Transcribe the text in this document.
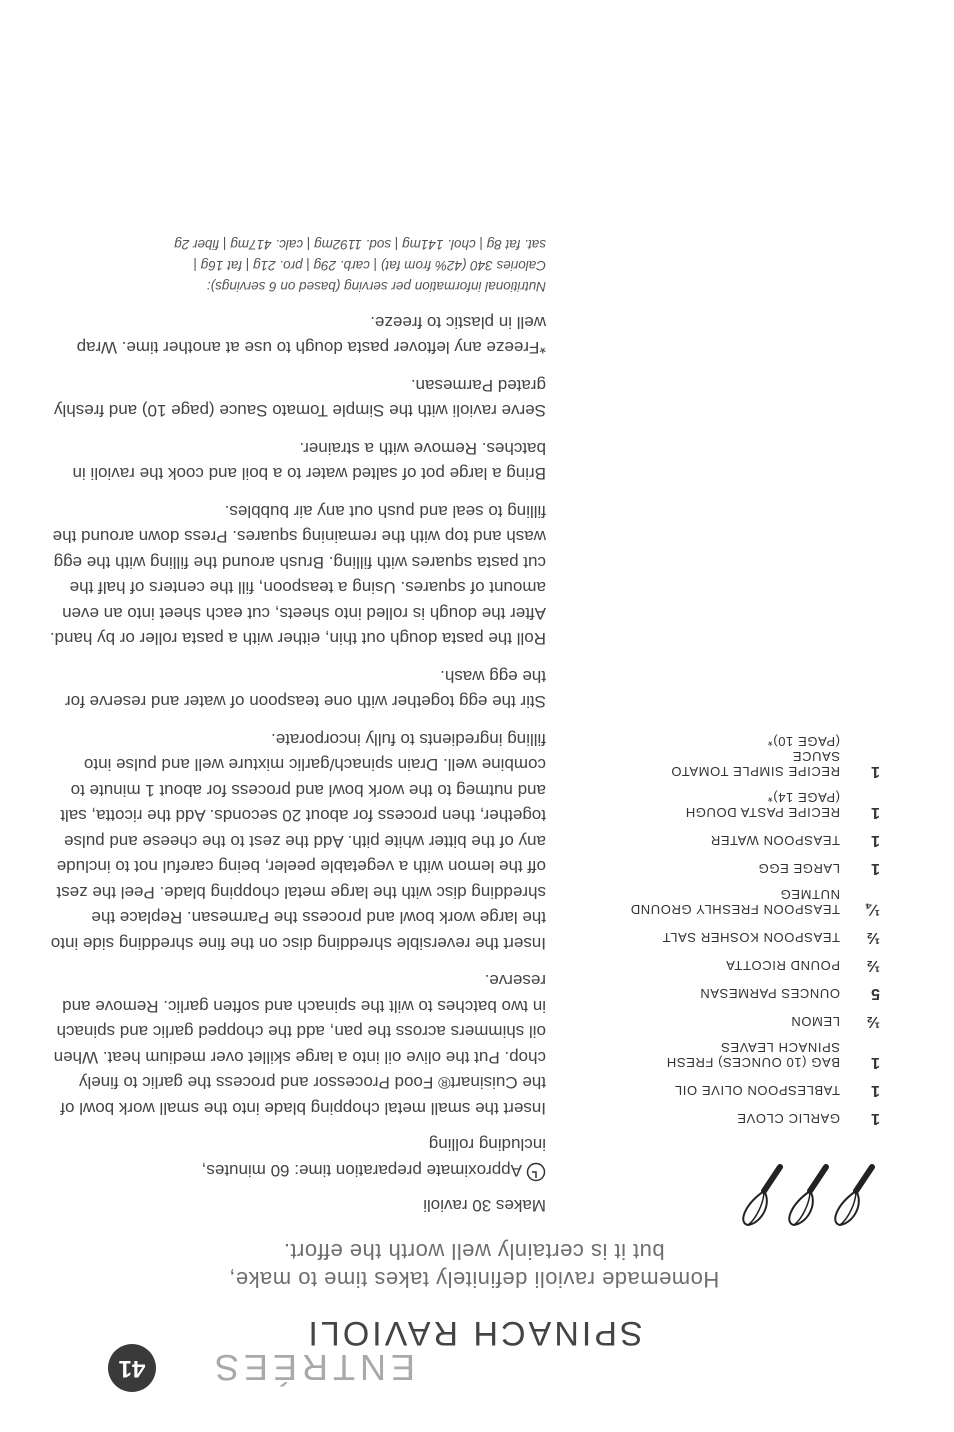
ENTRÉES
41
SPINACH RAVIOLI
Homemade ravioli definitely takes time to make,
but it is certainly well worth the effort.
1
GARLIC CLOVE
1
TABLESPOON OLIVE OIL
1
BAG (10 OUNCES) FRESH
SPINACH LEAVES
½
LEMON
5
OUNCES PARMESAN
½
POUND RICOTTA
½
TEASPOON KOSHER SALT
¼
TEASPOON FRESHLY GROUND
NUTMEG
1
LARGE EGG
1
TEASPOON WATER
1
RECIPE PASTA DOUGH
(PAGE 14)*
1
RECIPE SIMPLE TOMATO SAUCE
(PAGE 10)*

Makes 30 ravioli

Approximate preparation time: 60 minutes,
including rolling

Insert the small metal chopping blade into the small work bowl of the Cuisinart® Food Processor and process the garlic to finely chop. Put the olive oil into a large skillet over medium heat. When oil shimmers across the pan, add the chopped garlic and spinach in two batches to wilt the spinach and soften garlic. Remove and reserve.

Insert the reversible shredding disc on the fine shredding side into the large work bowl and process the Parmesan. Replace the shredding disc with the large metal chopping blade. Peel the zest off the lemon with a vegetable peeler, being careful not to include any of the bitter white pith. Add the zest to the cheese and pulse together, then process for about 20 seconds. Add the ricotta, salt and nutmeg to the work bowl and process for about 1 minute to combine well. Drain spinach/garlic mixture well and pulse into filling ingredients to fully incorporate.

Stir the egg together with one teaspoon of water and reserve for the egg wash.

Roll the pasta dough out thin, either with a pasta roller or by hand. After the dough is rolled into sheets, cut each sheet into an even amount of squares. Using a teaspoon, fill the centers of half the cut pasta squares with filling. Brush around the filling with the egg wash and top with the remaining squares. Press down around the filling to seal and push out any air bubbles.

Bring a large pot of salted water to a boil and cook the ravioli in batches. Remove with a strainer.

Serve ravioli with the Simple Tomato Sauce (page 10) and freshly grated Parmesan.

*Freeze any leftover pasta dough to use at another time. Wrap well in plastic to freeze.

Nutritional information per serving (based on 6 servings):
Calories 340 (42% from fat) | carb. 29g | pro. 21g | fat 16g |
sat. fat 8g | chol. 141mg | sod. 1192mg | calc. 417mg | fiber 2g
